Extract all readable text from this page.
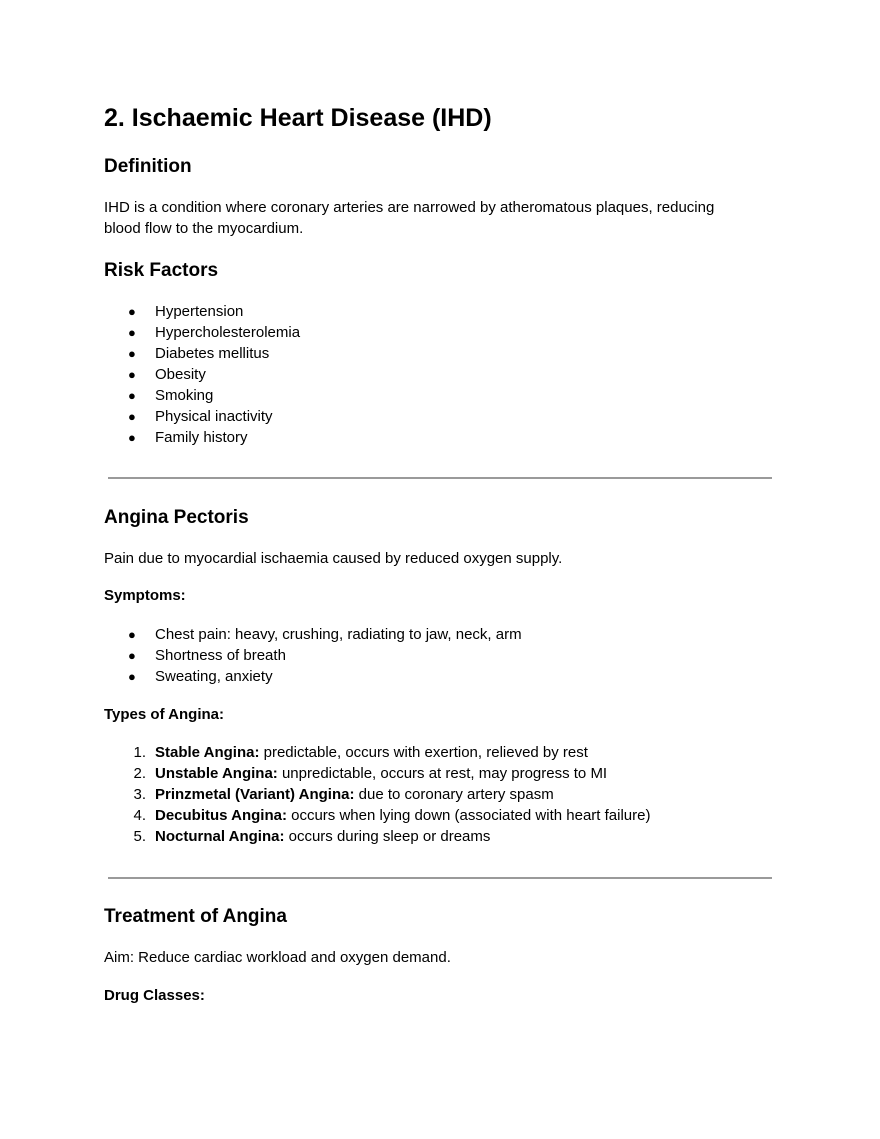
2. Ischaemic Heart Disease (IHD)
Definition
IHD is a condition where coronary arteries are narrowed by atheromatous plaques, reducing
blood flow to the myocardium.
Risk Factors
● Hypertension
● Hypercholesterolemia
● Diabetes mellitus
● Obesity
● Smoking
● Physical inactivity
● Family history
Angina Pectoris
Pain due to myocardial ischaemia caused by reduced oxygen supply.
Symptoms:
● Chest pain: heavy, crushing, radiating to jaw, neck, arm
● Shortness of breath
● Sweating, anxiety
Types of Angina:
1. Stable Angina: predictable, occurs with exertion, relieved by rest
2. Unstable Angina: unpredictable, occurs at rest, may progress to MI
3. Prinzmetal (Variant) Angina: due to coronary artery spasm
4. Decubitus Angina: occurs when lying down (associated with heart failure)
5. Nocturnal Angina: occurs during sleep or dreams
Treatment of Angina
Aim: Reduce cardiac workload and oxygen demand.
Drug Classes:
